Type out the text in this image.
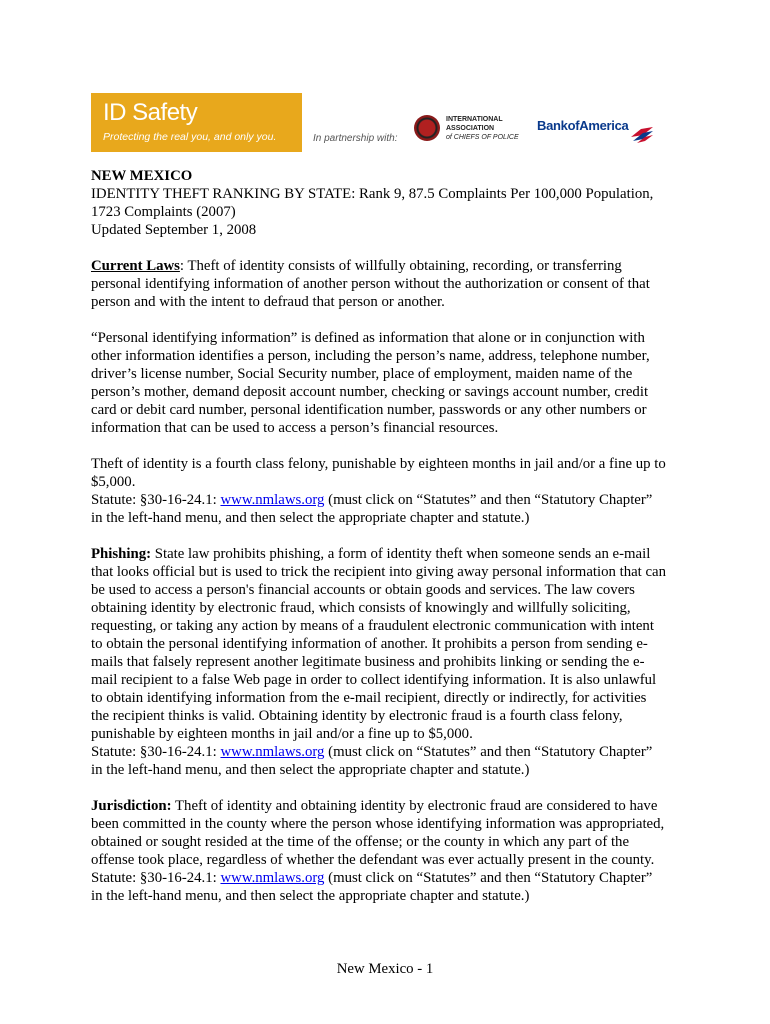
ID Safety
Protecting the real you, and only you.	In partnership with:
INTERNATIONAL
ASSOCIATION
of CHIEFS OF POLICE
BankofAmerica

NEW MEXICO

IDENTITY THEFT RANKING BY STATE: Rank 9, 87.5 Complaints Per 100,000 Population,

1723 Complaints (2007)

Updated September 1, 2008

Current Laws: Theft of identity consists of willfully obtaining, recording, or transferring

personal identifying information of another person without the authorization or consent of that

person and with the intent to defraud that person or another.

“Personal identifying information” is defined as information that alone or in conjunction with

other information identifies a person, including the person’s name, address, telephone number,

driver’s license number, Social Security number, place of employment, maiden name of the

person’s mother, demand deposit account number, checking or savings account number, credit

card or debit card number, personal identification number, passwords or any other numbers or

information that can be used to access a person’s financial resources.

Theft of identity is a fourth class felony, punishable by eighteen months in jail and/or a fine up to

$5,000.

Statute: §30-16-24.1: www.nmlaws.org (must click on “Statutes” and then “Statutory Chapter”

in the left-hand menu, and then select the appropriate chapter and statute.)

Phishing: State law prohibits phishing, a form of identity theft when someone sends an e-mail

that looks official but is used to trick the recipient into giving away personal information that can

be used to access a person's financial accounts or obtain goods and services. The law covers

obtaining identity by electronic fraud, which consists of knowingly and willfully soliciting,

requesting, or taking any action by means of a fraudulent electronic communication with intent

to obtain the personal identifying information of another. It prohibits a person from sending e-

mails that falsely represent another legitimate business and prohibits linking or sending the e-

mail recipient to a false Web page in order to collect identifying information. It is also unlawful

to obtain identifying information from the e-mail recipient, directly or indirectly, for activities

the recipient thinks is valid. Obtaining identity by electronic fraud is a fourth class felony,

punishable by eighteen months in jail and/or a fine up to $5,000.

Statute: §30-16-24.1: www.nmlaws.org (must click on “Statutes” and then “Statutory Chapter”

in the left-hand menu, and then select the appropriate chapter and statute.)

Jurisdiction: Theft of identity and obtaining identity by electronic fraud are considered to have

been committed in the county where the person whose identifying information was appropriated,

obtained or sought resided at the time of the offense; or the county in which any part of the

offense took place, regardless of whether the defendant was ever actually present in the county.

Statute: §30-16-24.1: www.nmlaws.org (must click on “Statutes” and then “Statutory Chapter”

in the left-hand menu, and then select the appropriate chapter and statute.)

New Mexico - 1
